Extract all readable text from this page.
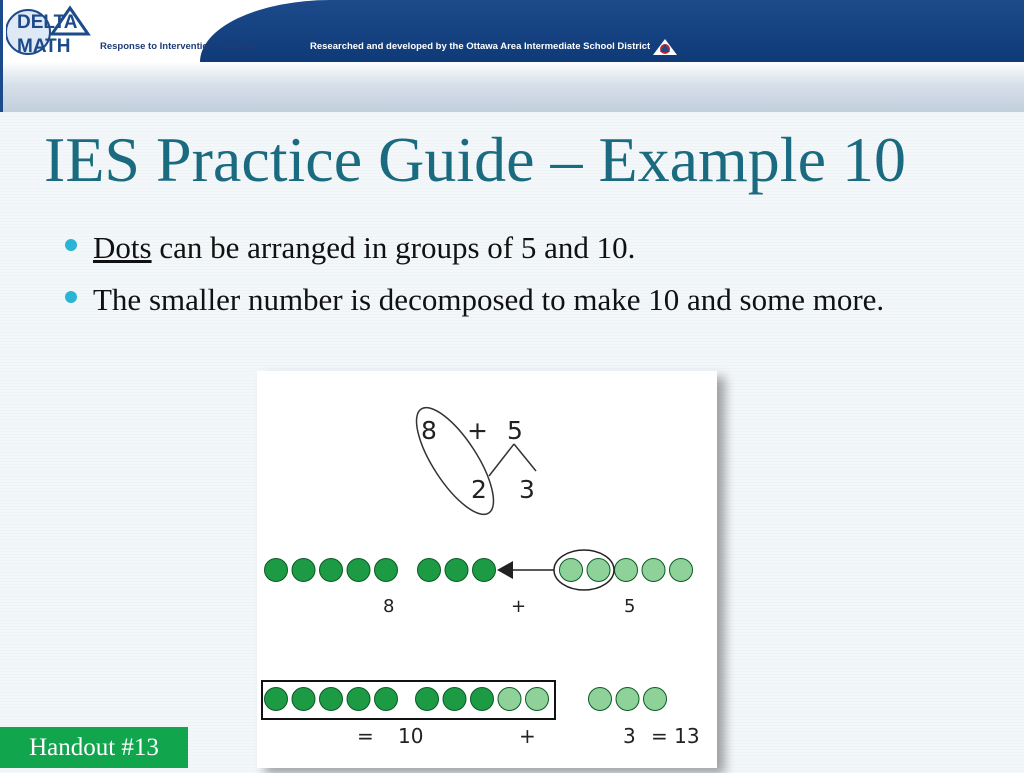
DELTA
MATH	Response to Intervention Program	Researched and developed by the Ottawa Area Intermediate School District
IES Practice Guide – Example 10
Dots can be arranged in groups of 5 and 10.
The smaller number is decomposed to make 10 and some more.
8 + 5
2 3
8	+	5
= 10	+	3 = 13
Handout #13
